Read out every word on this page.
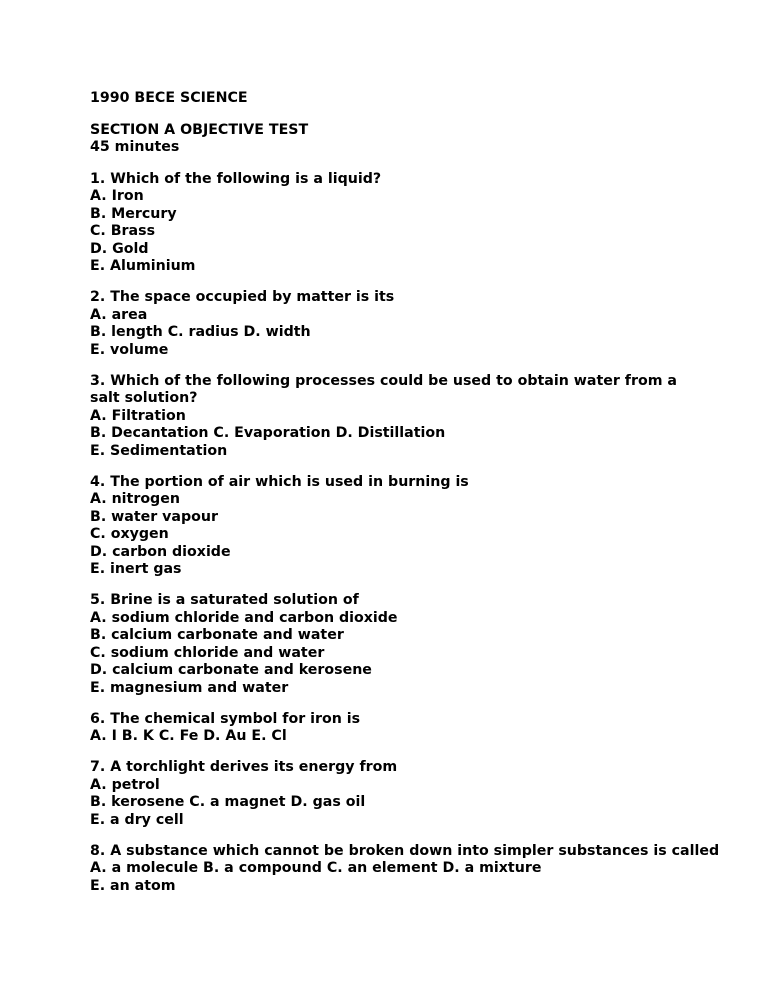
1990 BECE SCIENCE
SECTION A OBJECTIVE TEST
45 minutes
1. Which of the following is a liquid?
A. Iron
B. Mercury
C. Brass
D. Gold
E. Aluminium
2. The space occupied by matter is its
A. area
B. length C. radius D. width
E. volume
3. Which of the following processes could be used to obtain water from a salt solution?
A. Filtration
B. Decantation C. Evaporation D. Distillation
E. Sedimentation
4. The portion of air which is used in burning is
A. nitrogen
B. water vapour
C. oxygen
D. carbon dioxide
E. inert gas
5. Brine is a saturated solution of
A. sodium chloride and carbon dioxide
B. calcium carbonate and water
C. sodium chloride and water
D. calcium carbonate and kerosene
E. magnesium and water
6. The chemical symbol for iron is
A. I B. K C. Fe D. Au E. Cl
7. A torchlight derives its energy from
A. petrol
B. kerosene C. a magnet D. gas oil
E. a dry cell
8. A substance which cannot be broken down into simpler substances is called
A. a molecule B. a compound C. an element D. a mixture
E. an atom
